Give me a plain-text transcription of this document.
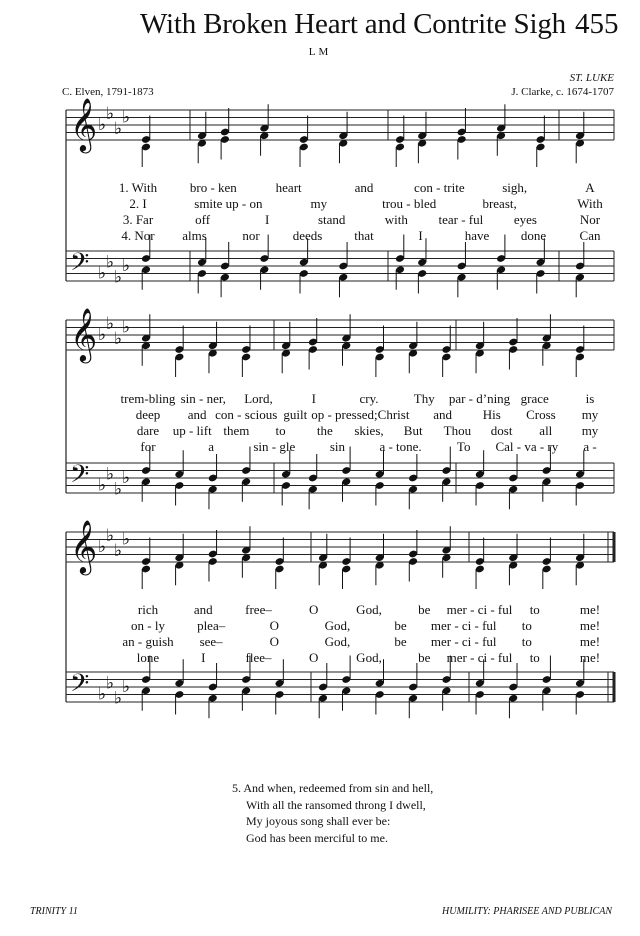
With Broken Heart and Contrite Sigh 455
LM
ST. LUKE
J. Clarke, c. 1674-1707
C. Elven, 1791-1873
𝄞 ♭
♭
♭
♭
𝄢 ♭
♭
♭
♭
𝄞 ♭
♭
♭
♭
𝄢 ♭
♭
♭
♭
𝄞 ♭
♭
♭
♭
𝄢 ♭
♭
♭
♭
1. With	bro - ken	heart	and	con - trite	sigh,	A
2. I	smite up - on	my	trou - bled	breast,	With
3. Far	off	I	stand	with tear - ful eyes	Nor
4. Nor alms	nor	deeds that	I	have done	Can
trem-bling sin - ner, Lord,	I	cry.	Thy par - d’ning grace	is
deep and con - scious guilt op - pressed; Christ and His Cross my
dare up - lift them to the skies, But Thou dost all my
for	a	sin - gle	sin	a - tone.	To Cal - va - ry a -
rich	and	free–	O	God,	be mer - ci - ful to	me!
on - ly plea–	O	God,	be mer - ci - ful to	me!
an - guish see–	O	God,	be mer - ci - ful to	me!
lone	I	flee–	O	God,	be mer - ci - ful to	me!
5. And when, redeemed from sin and hell,
With all the ransomed throng I dwell,
My joyous song shall ever be:
God has been merciful to me.
TRINITY 11	HUMILITY: PHARISEE AND PUBLICAN
